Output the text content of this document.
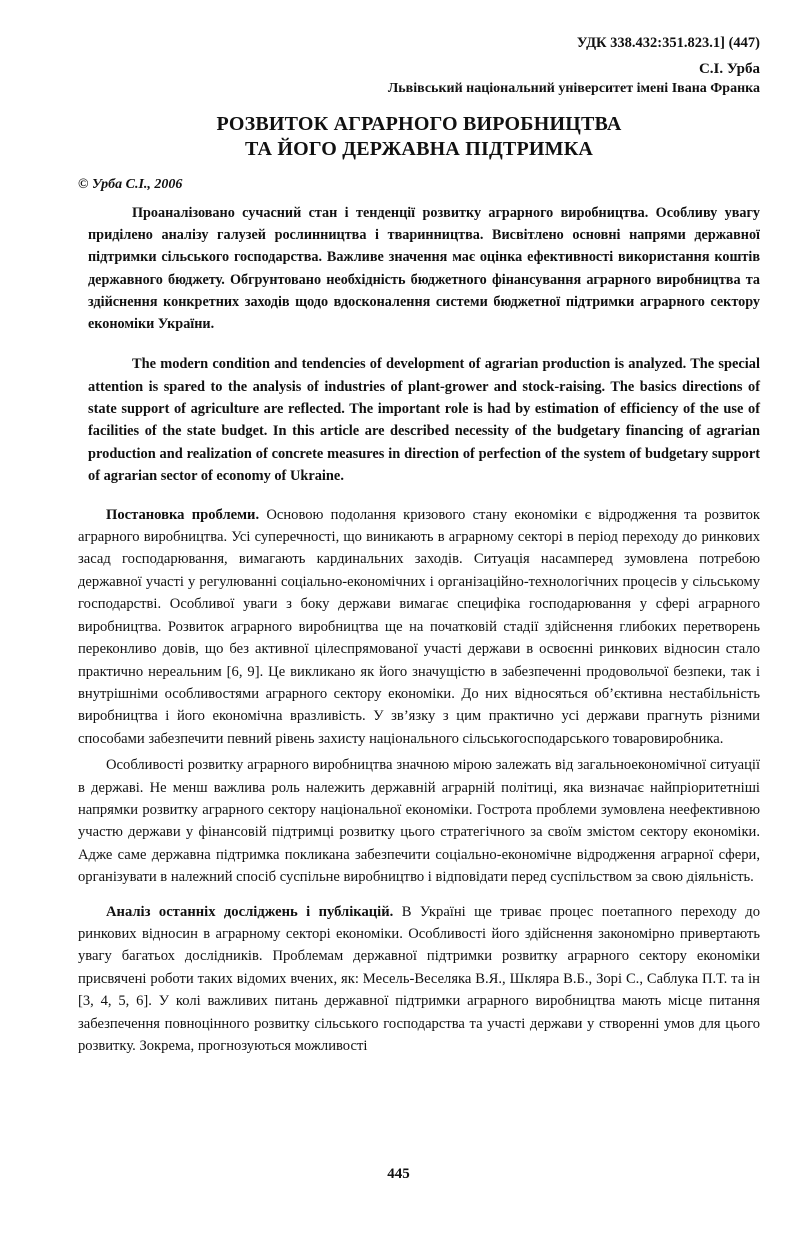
УДК 338.432:351.823.1] (447)
С.І. Урба
Львівський національний університет імені Івана Франка
РОЗВИТОК АГРАРНОГО ВИРОБНИЦТВА
ТА ЙОГО ДЕРЖАВНА ПІДТРИМКА
© Урба С.І., 2006

Проаналізовано сучасний стан і тенденції розвитку аграрного виробництва. Особливу увагу приділено аналізу галузей рослинництва і тваринництва. Висвітлено основні напрями державної підтримки сільського господарства. Важливе значення має оцінка ефективності використання коштів державного бюджету. Обгрунтовано необхідність бюджетного фінансування аграрного виробництва та здійснення конкретних заходів щодо вдосконалення системи бюджетної підтримки аграрного сектору економіки України.

The modern condition and tendencies of development of agrarian production is analyzed. The special attention is spared to the analysis of industries of plant-grower and stock-raising. The basics directions of state support of agriculture are reflected. The important role is had by estimation of efficiency of the use of facilities of the state budget. In this article are described necessity of the budgetary financing of agrarian production and realization of concrete measures in direction of perfection of the system of budgetary support of agrarian sector of economy of Ukraine.

Постановка проблеми. Основою подолання кризового стану економіки є відродження та розвиток аграрного виробництва. Усі суперечності, що виникають в аграрному секторі в період переходу до ринкових засад господарювання, вимагають кардинальних заходів. Ситуація насамперед зумовлена потребою державної участі у регулюванні соціально-економічних і організаційно-технологічних процесів у сільському господарстві. Особливої уваги з боку держави вимагає специфіка господарювання у сфері аграрного виробництва. Розвиток аграрного виробництва ще на початковій стадії здійснення глибоких перетворень переконливо довів, що без активної цілеспрямованої участі держави в освоєнні ринкових відносин стало практично нереальним [6, 9]. Це викликано як його значущістю в забезпеченні продовольчої безпеки, так і внутрішніми особливостями аграрного сектору економіки. До них відносяться об’єктивна нестабільність виробництва і його економічна вразливість. У зв’язку з цим практично усі держави прагнуть різними способами забезпечити певний рівень захисту національного сільськогосподарського товаровиробника.

Особливості розвитку аграрного виробництва значною мірою залежать від загальноекономічної ситуації в державі. Не менш важлива роль належить державній аграрній політиці, яка визначає найпріоритетніші напрямки розвитку аграрного сектору національної економіки. Гострота проблеми зумовлена неефективною участю держави у фінансовій підтримці розвитку цього стратегічного за своїм змістом сектору економіки. Адже саме державна підтримка покликана забезпечити соціально-економічне відродження аграрної сфери, організувати в належний спосіб суспільне виробництво і відповідати перед суспільством за свою діяльність.

Аналіз останніх досліджень і публікацій. В Україні ще триває процес поетапного переходу до ринкових відносин в аграрному секторі економіки. Особливості його здійснення закономірно привертають увагу багатьох дослідників. Проблемам державної підтримки розвитку аграрного сектору економіки присвячені роботи таких відомих вчених, як: Месель-Веселяка В.Я., Шкляра В.Б., Зорі С., Саблука П.Т. та ін [3, 4, 5, 6]. У колі важливих питань державної підтримки аграрного виробництва мають місце питання забезпечення повноцінного розвитку сільського господарства та участі держави у створенні умов для цього розвитку. Зокрема, прогнозуються можливості

445
